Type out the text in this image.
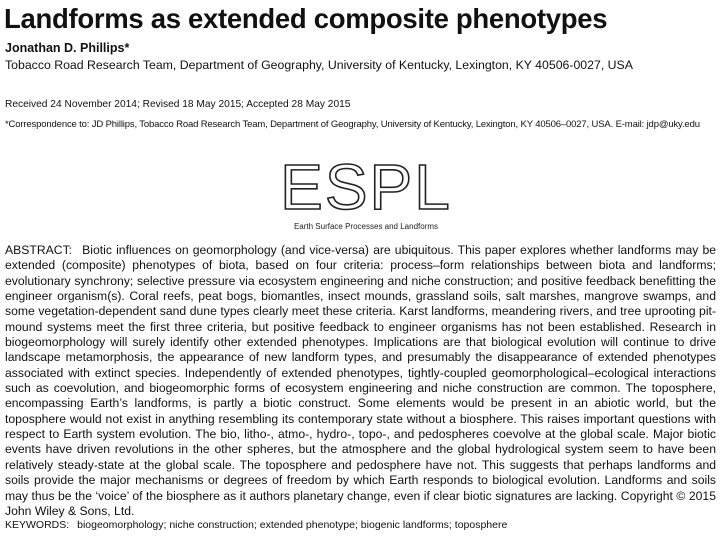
Landforms as extended composite phenotypes
Jonathan D. Phillips*
Tobacco Road Research Team, Department of Geography, University of Kentucky, Lexington, KY 40506-0027, USA
Received 24 November 2014; Revised 18 May 2015; Accepted 28 May 2015
*Correspondence to: JD Phillips, Tobacco Road Research Team, Department of Geography, University of Kentucky, Lexington, KY 40506–0027, USA. E-mail: jdp@uky.edu
ESPL
Earth Surface Processes and Landforms
ABSTRACT: Biotic influences on geomorphology (and vice-versa) are ubiquitous. This paper explores whether landforms may be extended (composite) phenotypes of biota, based on four criteria: process–form relationships between biota and landforms; evolutionary synchrony; selective pressure via ecosystem engineering and niche construction; and positive feedback benefitting the engineer organism(s). Coral reefs, peat bogs, biomantles, insect mounds, grassland soils, salt marshes, mangrove swamps, and some vegetation-dependent sand dune types clearly meet these criteria. Karst landforms, meandering rivers, and tree uprooting pit-mound systems meet the first three criteria, but positive feedback to engineer organisms has not been established. Research in biogeomorphology will surely identify other extended phenotypes. Implications are that biological evolution will continue to drive landscape metamorphosis, the appearance of new landform types, and presumably the disappearance of extended phenotypes associated with extinct species. Independently of extended phenotypes, tightly-coupled geomorphological–ecological interactions such as coevolution, and biogeomorphic forms of ecosystem engineering and niche construction are common. The toposphere, encompassing Earth’s landforms, is partly a biotic construct. Some elements would be present in an abiotic world, but the toposphere would not exist in anything resembling its contemporary state without a biosphere. This raises important questions with respect to Earth system evolution. The bio, litho-, atmo-, hydro-, topo-, and pedospheres coevolve at the global scale. Major biotic events have driven revolutions in the other spheres, but the atmosphere and the global hydrological system seem to have been relatively steady-state at the global scale. The toposphere and pedosphere have not. This suggests that perhaps landforms and soils provide the major mechanisms or degrees of freedom by which Earth responds to biological evolution. Landforms and soils may thus be the ‘voice’ of the biosphere as it authors planetary change, even if clear biotic signatures are lacking. Copyright © 2015 John Wiley & Sons, Ltd.
KEYWORDS: biogeomorphology; niche construction; extended phenotype; biogenic landforms; toposphere
